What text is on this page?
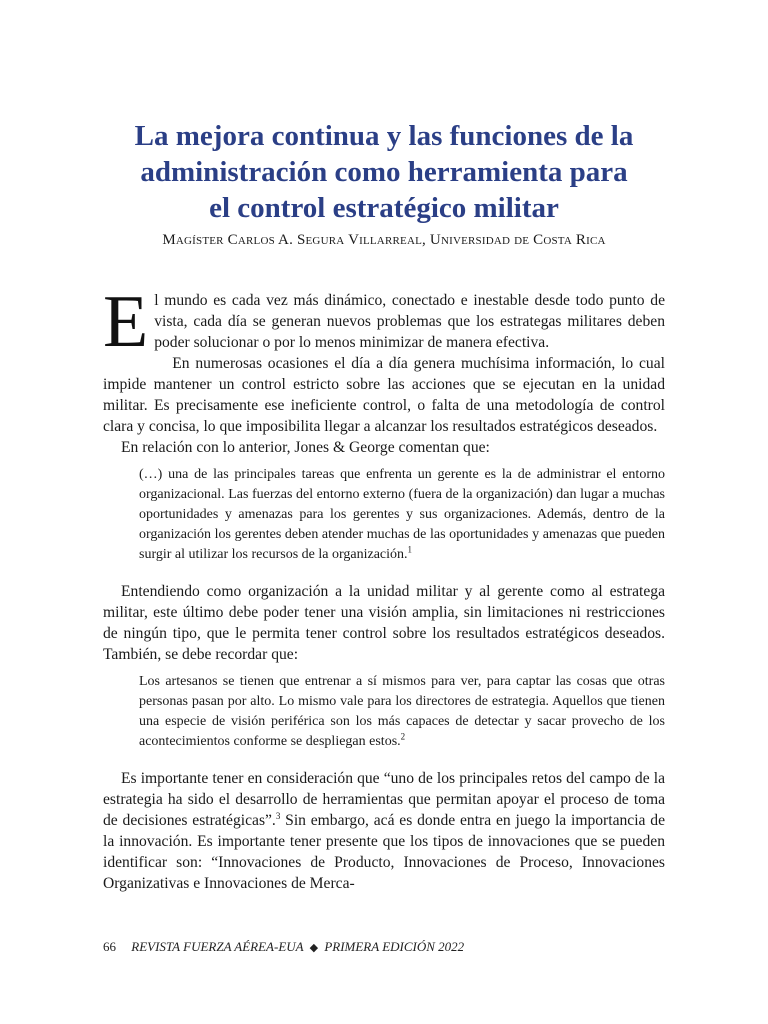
La mejora continua y las funciones de la
administración como herramienta para
el control estratégico militar
Magíster Carlos A. Segura Villarreal, Universidad de Costa Rica

El mundo es cada vez más dinámico, conectado e inestable desde todo punto de vista, cada día se generan nuevos problemas que los estrategas militares deben poder solucionar o por lo menos minimizar de manera efectiva.

En numerosas ocasiones el día a día genera muchísima información, lo cual impide mantener un control estricto sobre las acciones que se ejecutan en la unidad militar. Es precisamente ese ineficiente control, o falta de una metodología de control clara y concisa, lo que imposibilita llegar a alcanzar los resultados estratégicos deseados.

En relación con lo anterior, Jones & George comentan que:

(…) una de las principales tareas que enfrenta un gerente es la de administrar el entorno organizacional. Las fuerzas del entorno externo (fuera de la organización) dan lugar a muchas oportunidades y amenazas para los gerentes y sus organizaciones. Además, dentro de la organización los gerentes deben atender muchas de las oportunidades y amenazas que pueden surgir al utilizar los recursos de la organización.$^1$

Entendiendo como organización a la unidad militar y al gerente como al estratega militar, este último debe poder tener una visión amplia, sin limitaciones ni restricciones de ningún tipo, que le permita tener control sobre los resultados estratégicos deseados. También, se debe recordar que:

Los artesanos se tienen que entrenar a sí mismos para ver, para captar las cosas que otras personas pasan por alto. Lo mismo vale para los directores de estrategia. Aquellos que tienen una especie de visión periférica son los más capaces de detectar y sacar provecho de los acontecimientos conforme se despliegan estos.$^2$

Es importante tener en consideración que “uno de los principales retos del campo de la estrategia ha sido el desarrollo de herramientas que permitan apoyar el proceso de toma de decisiones estratégicas”.$^3$ Sin embargo, acá es donde entra en juego la importancia de la innovación. Es importante tener presente que los tipos de innovaciones que se pueden identificar son: “Innovaciones de Producto, Innovaciones de Proceso, Innovaciones Organizativas e Innovaciones de Merca-

66 REVISTA FUERZA AÉREA-EUA ◆ PRIMERA EDICIÓN 2022
